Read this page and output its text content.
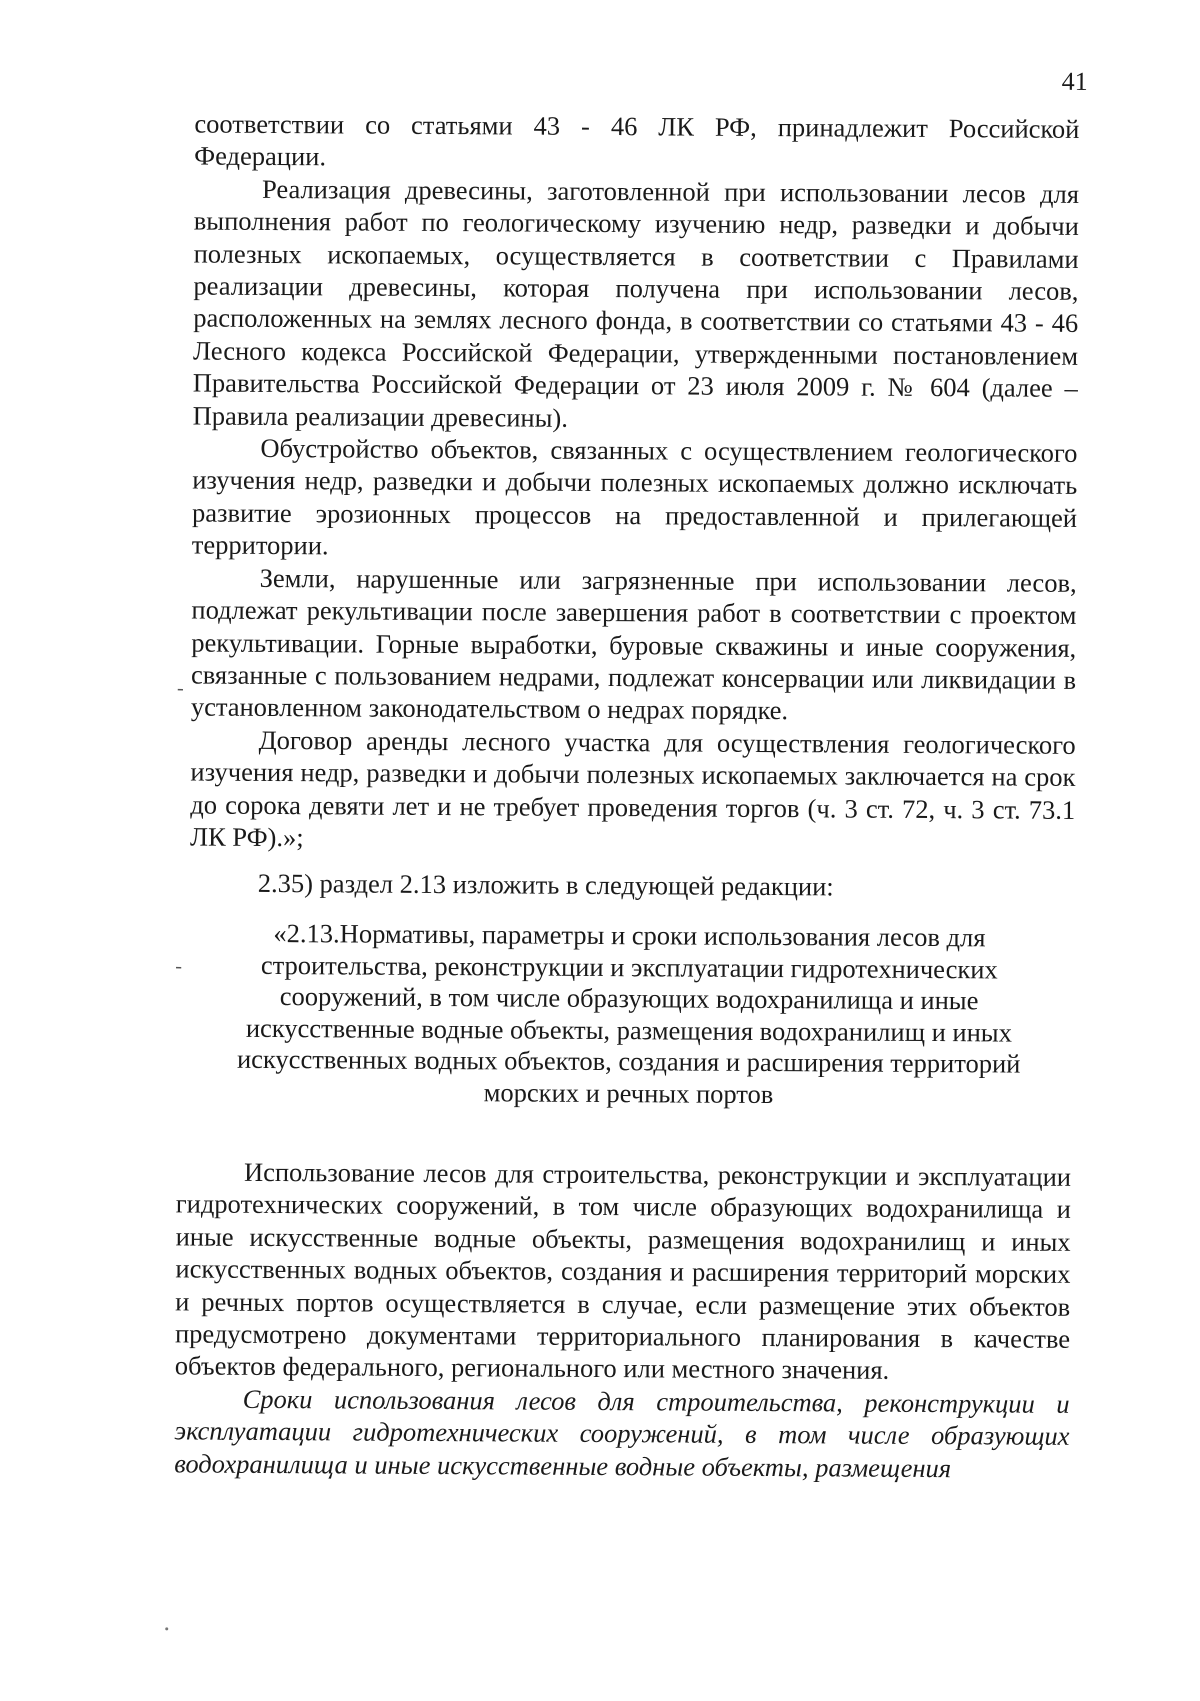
41

соответствии со статьями 43 - 46 ЛК РФ, принадлежит Российской Федерации.

Реализация древесины, заготовленной при использовании лесов для выполнения работ по геологическому изучению недр, разведки и добычи полезных ископаемых, осуществляется в соответствии с Правилами реализации древесины, которая получена при использовании лесов, расположенных на землях лесного фонда, в соответствии со статьями 43 - 46 Лесного кодекса Российской Федерации, утвержденными постановлением Правительства Российской Федерации от 23 июля 2009 г. № 604 (далее – Правила реализации древесины).

Обустройство объектов, связанных с осуществлением геологического изучения недр, разведки и добычи полезных ископаемых должно исключать развитие эрозионных процессов на предоставленной и прилегающей территории.

Земли, нарушенные или загрязненные при использовании лесов, подлежат рекультивации после завершения работ в соответствии с проектом рекультивации. Горные выработки, буровые скважины и иные сооружения, связанные с пользованием недрами, подлежат консервации или ликвидации в установленном законодательством о недрах порядке.

Договор аренды лесного участка для осуществления геологического изучения недр, разведки и добычи полезных ископаемых заключается на срок до сорока девяти лет и не требует проведения торгов (ч. 3 ст. 72, ч. 3 ст. 73.1 ЛК РФ).»;

2.35) раздел 2.13 изложить в следующей редакции:
«2.13.Нормативы, параметры и сроки использования лесов для строительства, реконструкции и эксплуатации гидротехнических сооружений, в том числе образующих водохранилища и иные искусственные водные объекты, размещения водохранилищ и иных искусственных водных объектов, создания и расширения территорий морских и речных портов

Использование лесов для строительства, реконструкции и эксплуатации гидротехнических сооружений, в том числе образующих водохранилища и иные искусственные водные объекты, размещения водохранилищ и иных искусственных водных объектов, создания и расширения территорий морских и речных портов осуществляется в случае, если размещение этих объектов предусмотрено документами территориального планирования в качестве объектов федерального, регионального или местного значения.

Сроки использования лесов для строительства, реконструкции и эксплуатации гидротехнических сооружений, в том числе образующих водохранилища и иные искусственные водные объекты, размещения

-
-
